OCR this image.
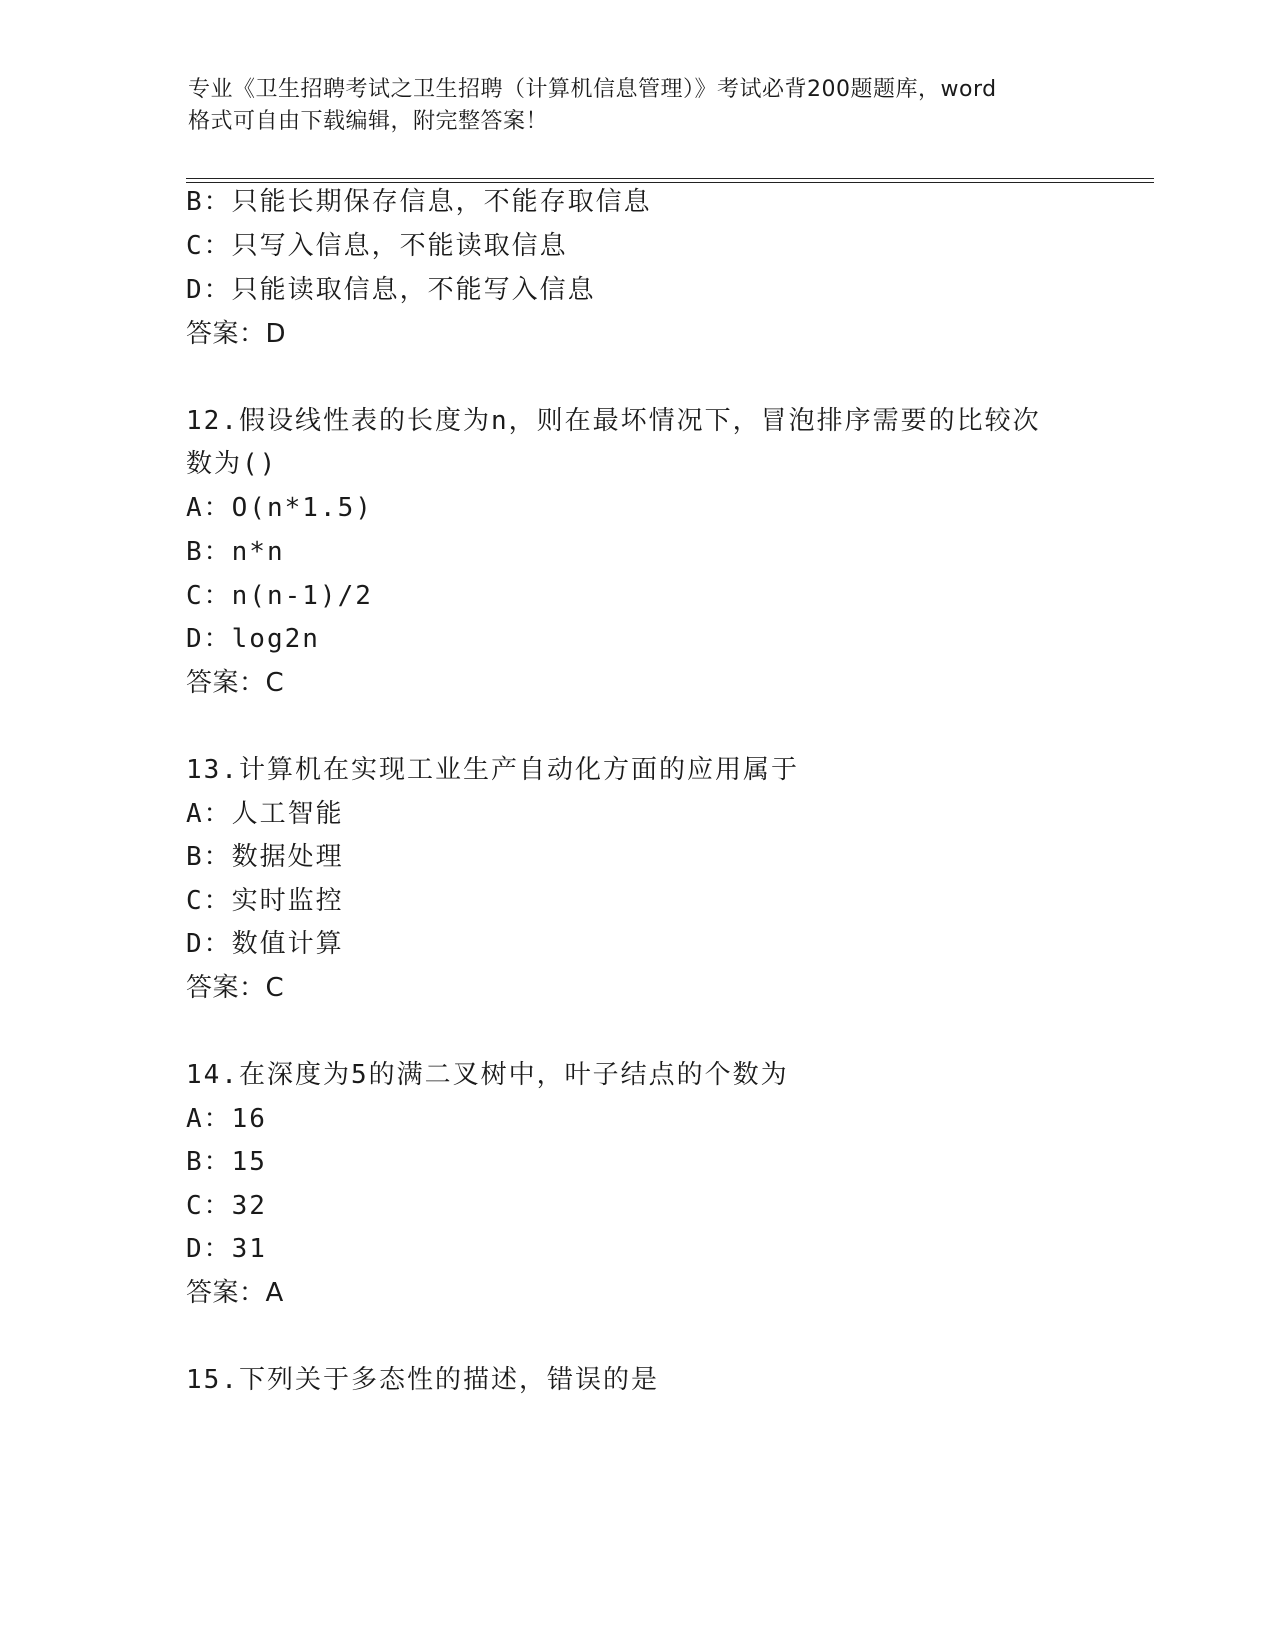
专业《卫生招聘考试之卫生招聘（计算机信息管理）》考试必背200题题库，word
格式可自由下载编辑，附完整答案！
B：只能长期保存信息，不能存取信息
C：只写入信息，不能读取信息
D：只能读取信息，不能写入信息
答案：D
12.假设线性表的长度为n，则在最坏情况下，冒泡排序需要的比较次
数为()
A：O(n*1.5)
B：n*n
C：n(n-1)/2
D：log2n
答案：C
13.计算机在实现工业生产自动化方面的应用属于
A：人工智能
B：数据处理
C：实时监控
D：数值计算
答案：C
14.在深度为5的满二叉树中，叶子结点的个数为
A：16
B：15
C：32
D：31
答案：A
15.下列关于多态性的描述，错误的是
